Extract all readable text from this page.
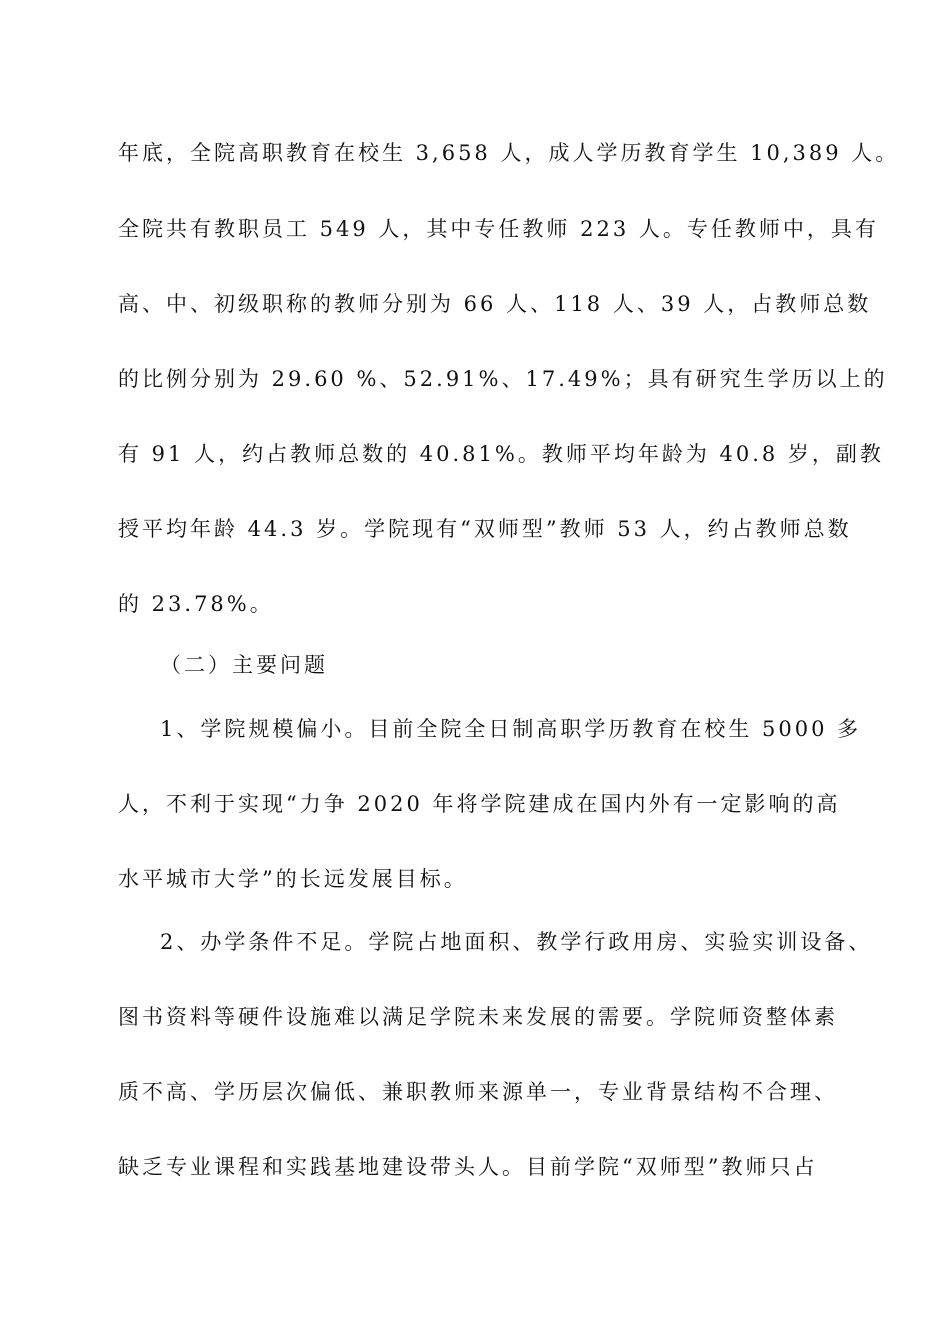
年底，全院高职教育在校生 3,658 人，成人学历教育学生 10,389 人。
全院共有教职员工 549 人，其中专任教师 223 人。专任教师中，具有
高、中、初级职称的教师分别为 66 人、118 人、39 人，占教师总数
的比例分别为 29.60 %、52.91%、17.49%；具有研究生学历以上的
有 91 人，约占教师总数的 40.81%。教师平均年龄为 40.8 岁，副教
授平均年龄 44.3 岁。学院现有“双师型”教师 53 人，约占教师总数
的 23.78%。
（二）主要问题
1、学院规模偏小。目前全院全日制高职学历教育在校生 5000 多
人，不利于实现“力争 2020 年将学院建成在国内外有一定影响的高
水平城市大学”的长远发展目标。
2、办学条件不足。学院占地面积、教学行政用房、实验实训设备、
图书资料等硬件设施难以满足学院未来发展的需要。学院师资整体素
质不高、学历层次偏低、兼职教师来源单一，专业背景结构不合理、
缺乏专业课程和实践基地建设带头人。目前学院“双师型”教师只占
